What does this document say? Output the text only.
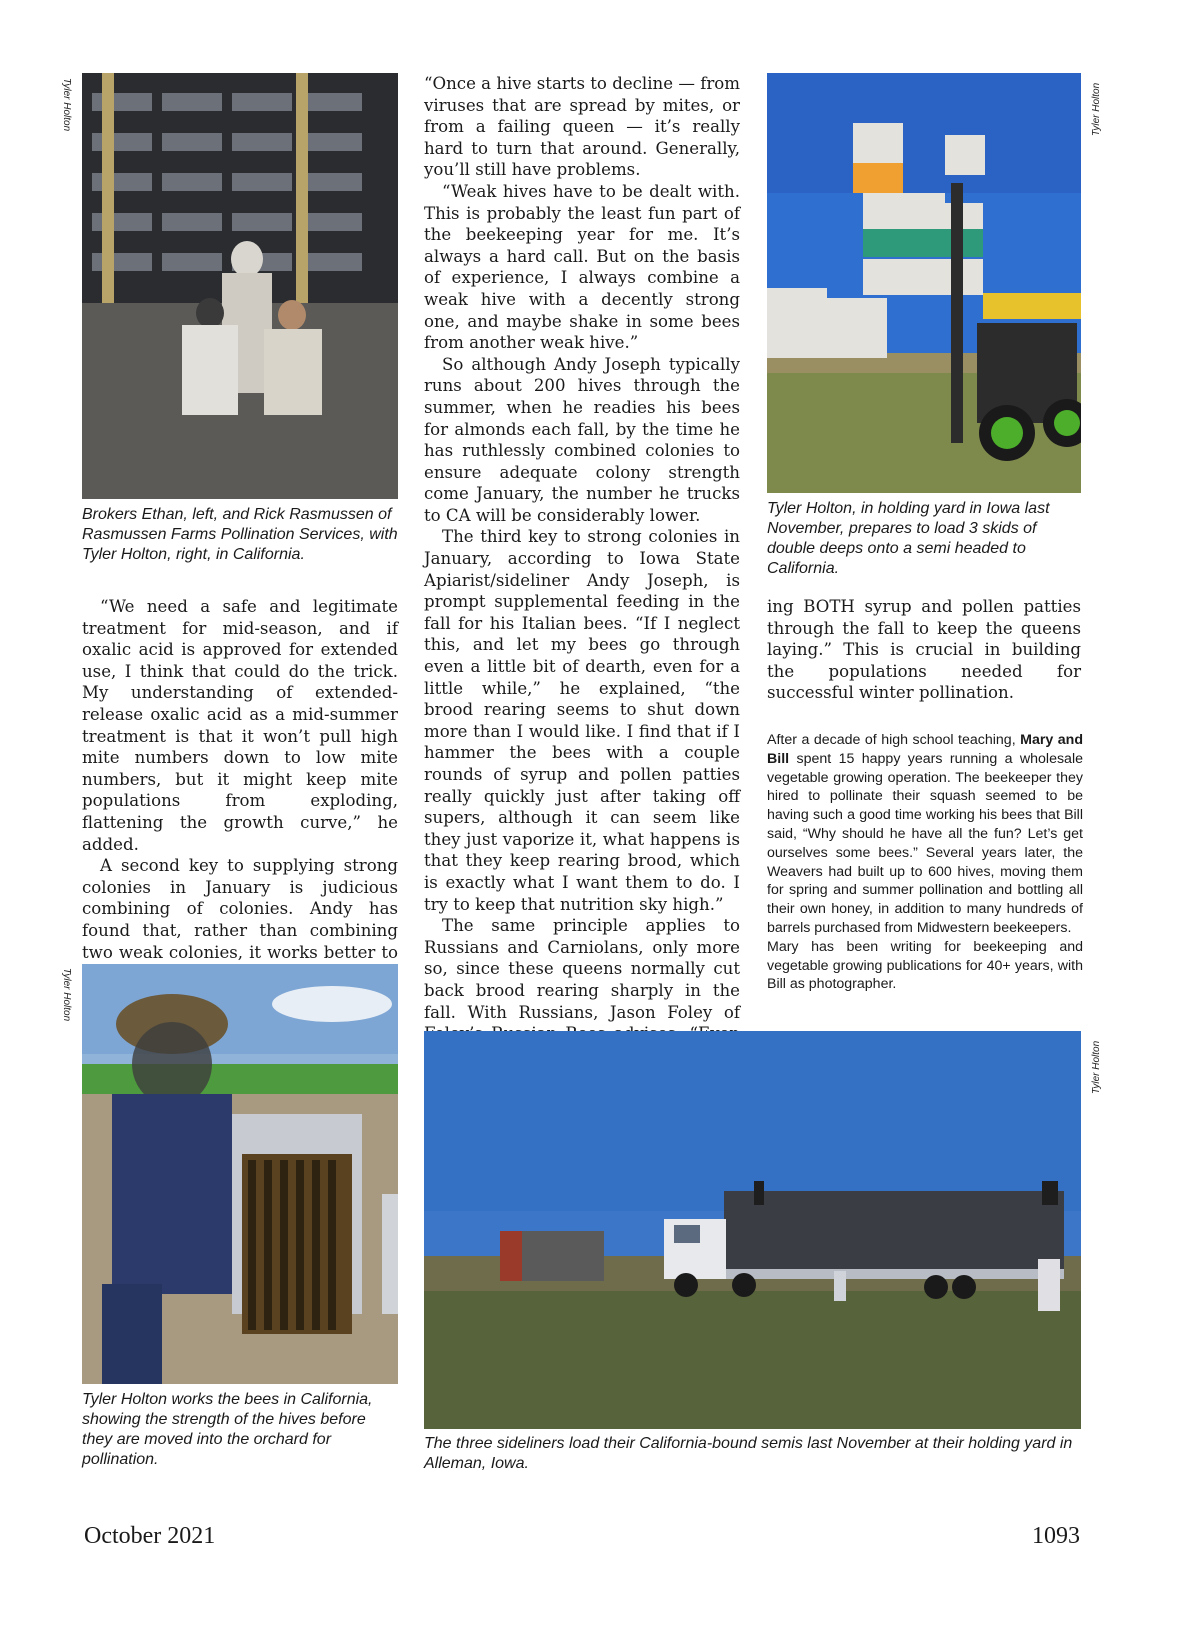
Tyler Holton

Brokers Ethan, left, and Rick Rasmussen of Rasmussen Farms Pollination Services, with Tyler Holton, right, in California.

“We need a safe and legitimate treatment for mid-season, and if oxalic acid is approved for extended use, I think that could do the trick. My understanding of extended-release oxalic acid as a mid-summer treatment is that it won’t pull high mite numbers down to low mite numbers, but it might keep mite populations from exploding, flattening the growth curve,” he added.

A second key to supplying strong colonies in January is judicious combining of colonies. Andy has found that, rather than combining two weak colonies, it works better to

Tyler Holton

Tyler Holton works the bees in California, showing the strength of the hives before they are moved into the orchard for pollination.

“Once a hive starts to decline — from viruses that are spread by mites, or from a failing queen — it’s really hard to turn that around. Generally, you’ll still have problems.

“Weak hives have to be dealt with. This is probably the least fun part of the beekeeping year for me. It’s always a hard call. But on the basis of experience, I always combine a weak hive with a decently strong one, and maybe shake in some bees from another weak hive.”

So although Andy Joseph typically runs about 200 hives through the summer, when he readies his bees for almonds each fall, by the time he has ruthlessly combined colonies to ensure adequate colony strength come January, the number he trucks to CA will be considerably lower.

The third key to strong colonies in January, according to Iowa State Apiarist/sideliner Andy Joseph, is prompt supplemental feeding in the fall for his Italian bees. “If I neglect this, and let my bees go through even a little bit of dearth, even for a little while,” he explained, “the brood rearing seems to shut down more than I would like. I find that if I hammer the bees with a couple rounds of syrup and pollen patties really quickly just after taking off supers, although it can seem like they just vaporize it, what happens is that they keep rearing brood, which is exactly what I want them to do. I try to keep that nutrition sky high.”

The same principle applies to Russians and Carniolans, only more so, since these queens normally cut back brood rearing sharply in the fall. With Russians, Jason Foley of

Tyler Holton

Tyler Holton, in holding yard in Iowa last November, prepares to load 3 skids of double deeps onto a semi headed to California.

ing BOTH syrup and pollen patties through the fall to keep the queens laying.” This is crucial in building the populations needed for successful winter pollination.

After a decade of high school teaching, Mary and Bill spent 15 happy years running a wholesale vegetable growing operation. The beekeeper they hired to pollinate their squash seemed to be having such a good time working his bees that Bill said, “Why should he have all the fun? Let’s get ourselves some bees.” Several years later, the Weavers had built up to 600 hives, moving them for spring and summer pollination and bottling all their own honey, in addition to many hundreds of barrels purchased from Midwestern beekeepers.

Mary has been writing for beekeeping and vegetable growing publications for 40+ years, with Bill as photographer.

Tyler Holton

The three sideliners load their California-bound semis last November at their holding yard in Alleman, Iowa.

October 2021	1093
